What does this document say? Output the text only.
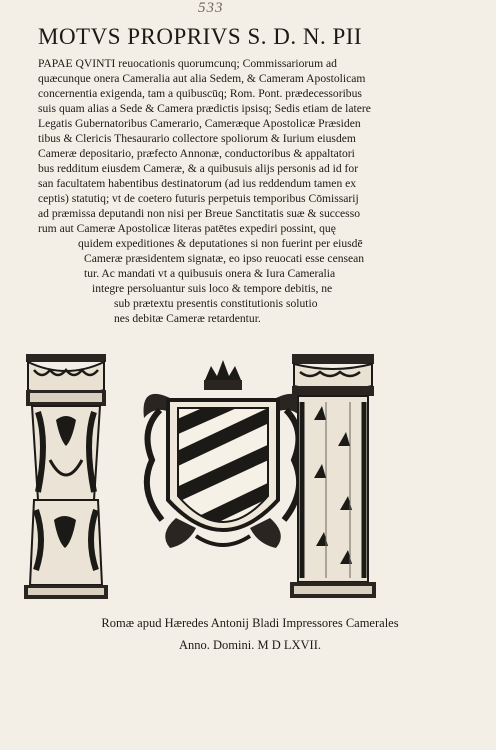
533
MOTVS PROPRIVS S. D. N. PII
PAPAE QVINTI reuocationis quorumcunq; Commissariorum ad
quæcunque onera Cameralia aut alia Sedem, & Cameram Apostolicam
concernentia exigenda, tam a quibuscūq; Rom. Pont. prædecessoribus
suis quam alias a Sede & Camera prædictis ipsisq; Sedis etiam de latere
Legatis Gubernatoribus Camerario, Cameræque Apostolicæ Præsiden
tibus & Clericis Thesaurario collectore spoliorum & Iurium eiusdem
Cameræ depositario, præfecto Annonæ, conductoribus & appaltatori
bus redditum eiusdem Cameræ, & a quibusuis alijs personis ad id for
san facultatem habentibus destinatorum (ad ius reddendum tamen ex
ceptis) statutiq; vt de coetero futuris perpetuis temporibus Cōmissarij
ad præmissa deputandi non nisi per Breue Sanctitatis suæ & successo
rum aut Cameræ Apostolicæ literas patētes expediri possint, quę
quidem expeditiones & deputationes si non fuerint per eiusdē
Cameræ præsidentem signatæ, eo ipso reuocati esse censean
tur. Ac mandati vt a quibusuis onera & Iura Cameralia
integre persoluantur suis loco & tempore debitis, ne
sub prætextu presentis constitutionis solutio
nes debitæ Cameræ retardentur.
Romæ apud Hæredes Antonij Bladi Impressores Camerales
Anno. Domini. M D LXVII.
